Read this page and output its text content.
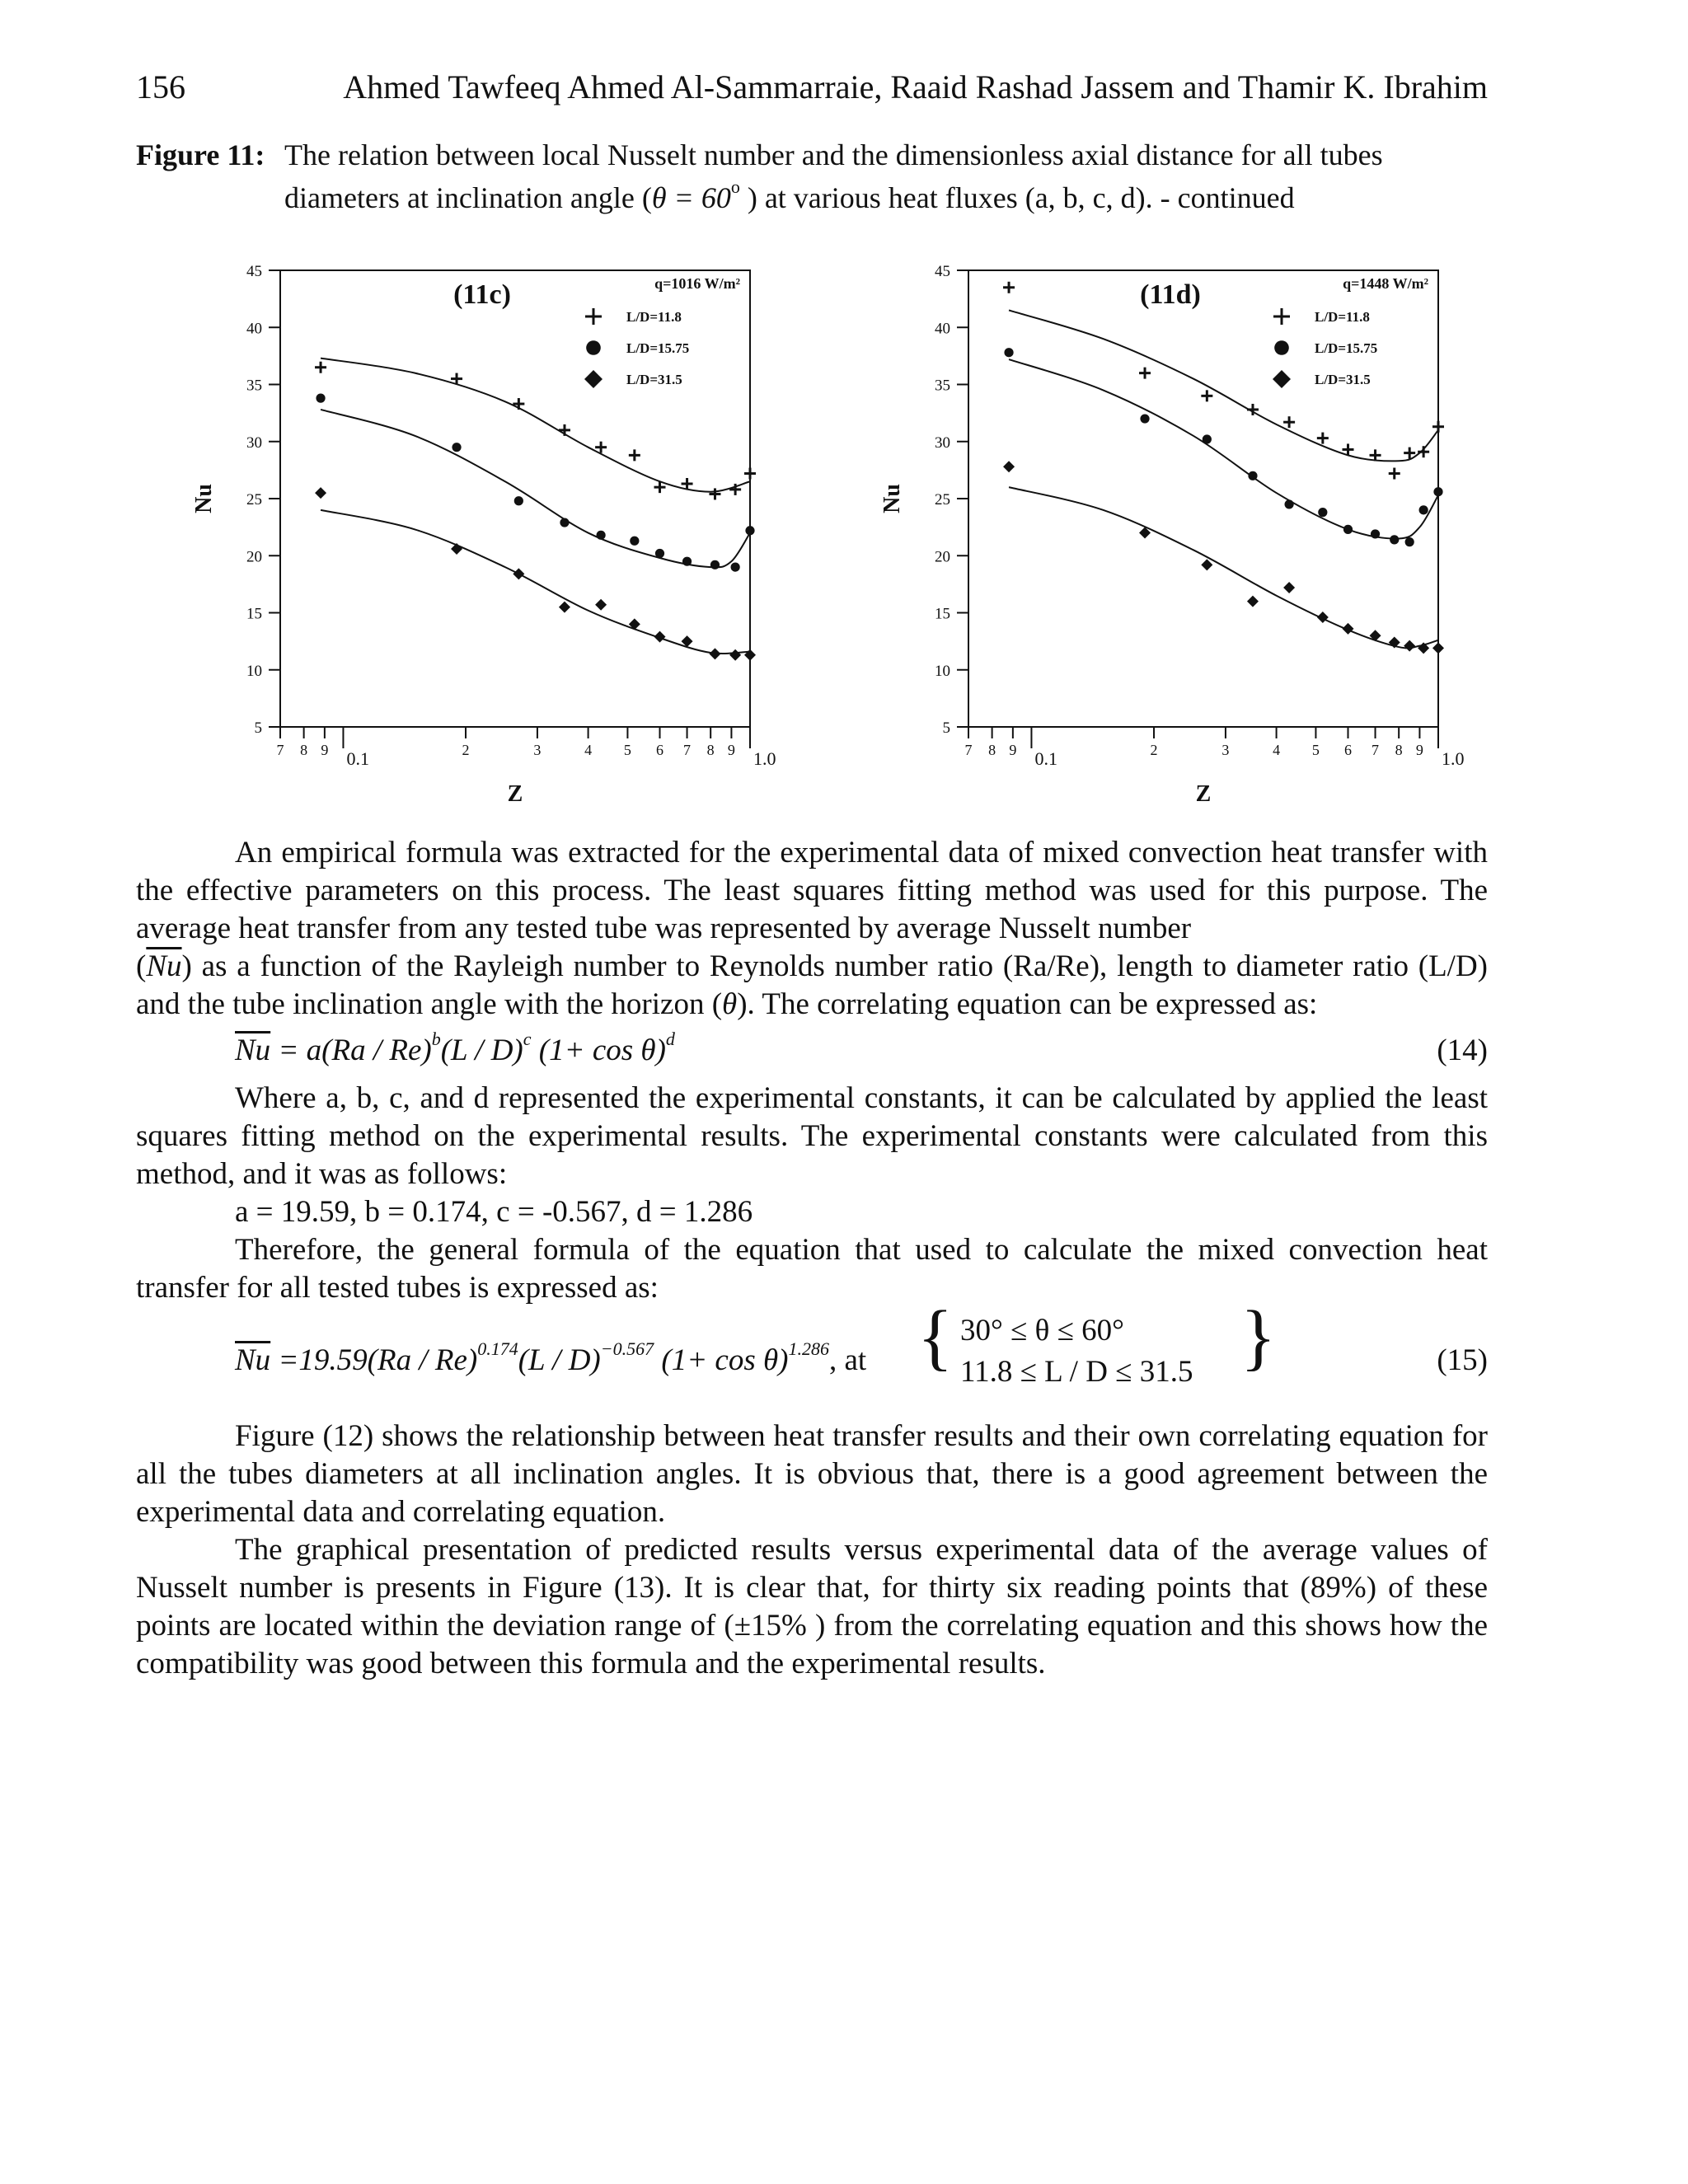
156	Ahmed Tawfeeq Ahmed Al-Sammarraie, Raaid Rashad Jassem and Thamir K. Ibrahim
Figure 11: The relation between local Nusselt number and the dimensionless axial distance for all tubes
diameters at inclination angle ($\theta = 60^o$ ) at various heat fluxes (a, b, c, d). - continued
5
10
15
20
25
30
35
40
45
7 8 9 0.1	2	3	4 5 6 7 8 9 1.0
Z
Nu
(11c)	q=1016 W/m²
L/D=11.8
L/D=15.75
L/D=31.5
5
10
15
20
25
30
35
40
45
7 8 9 0.1	2	3	4 5 6 7 8 9 1.0
Z
Nu
(11d)	q=1448 W/m²
L/D=11.8
L/D=15.75
L/D=31.5

An empirical formula was extracted for the experimental data of mixed convection heat transfer with the effective parameters on this process. The least squares fitting method was used for this purpose. The average heat transfer from any tested tube was represented by average Nusselt number

$(\overline{Nu})$ as a function of the Rayleigh number to Reynolds number ratio (Ra/Re), length to diameter ratio (L/D) and the tube inclination angle with the horizon (θ). The correlating equation can be expressed as:

$\overline{Nu} = a(Ra / Re)^b(L / D)^c$ $(1+ \cos \theta)^d$	(14)

Where a, b, c, and d represented the experimental constants, it can be calculated by applied the least squares fitting method on the experimental results. The experimental constants were calculated from this method, and it was as follows:

a = 19.59, b = 0.174, c = -0.567, d = 1.286

Therefore, the general formula of the equation that used to calculate the mixed convection heat transfer for all tested tubes is expressed as:

$\overline{Nu} =19.59(Ra / Re)^{0.174}(L / D)^{-0.567}$ $(1+ \cos \theta)^{1.286}$, at { 30° ≤ θ ≤ 60°
11.8 ≤ L / D ≤ 31.5 }	(15)

Figure (12) shows the relationship between heat transfer results and their own correlating equation for all the tubes diameters at all inclination angles. It is obvious that, there is a good agreement between the experimental data and correlating equation.

The graphical presentation of predicted results versus experimental data of the average values of Nusselt number is presents in Figure (13). It is clear that, for thirty six reading points that (89%) of these points are located within the deviation range of (±15% ) from the correlating equation and this shows how the compatibility was good between this formula and the experimental results.
